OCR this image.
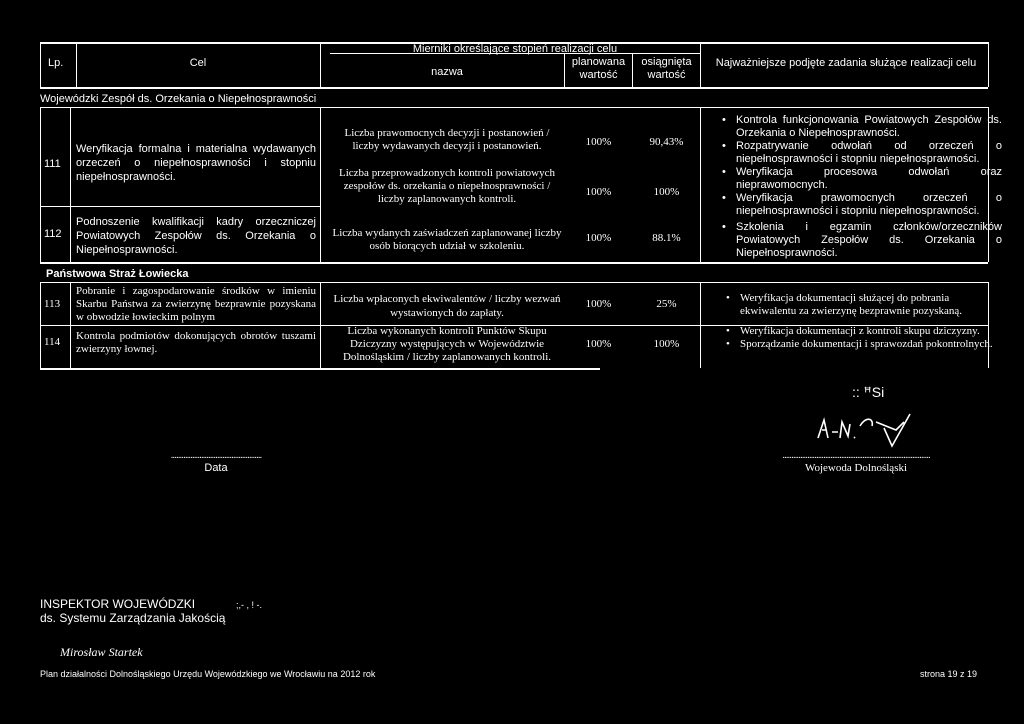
Lp.	Cel
Mierniki określające stopień realizacji celu
nazwa
planowana
wartość
osiągnięta
wartość
Najważniejsze podjęte zadania służące realizacji celu
Wojewódzki Zespół ds. Orzekania o Niepełnosprawności
111
Weryfikacja formalna i materialna wydawanych orzeczeń o niepełnosprawności i stopniu niepełnosprawności.
112
Podnoszenie kwalifikacji kadry orzeczniczej Powiatowych Zespołów ds. Orzekania o Niepełnosprawności.
Liczba prawomocnych decyzji i postanowień / liczby wydawanych decyzji i postanowień.
Liczba przeprowadzonych kontroli powiatowych zespołów ds. orzekania o niepełnosprawności / liczby zaplanowanych kontroli.
Liczba wydanych zaświadczeń zaplanowanej liczby osób biorących udział w szkoleniu.
100%	90,43%
100%	100%
100%	88.1%
• Kontrola funkcjonowania Powiatowych Zespołów ds. Orzekania o Niepełnosprawności.
• Rozpatrywanie odwołań od orzeczeń o niepełnosprawności i stopniu niepełnosprawności.
• Weryfikacja procesowa odwołań oraz nieprawomocnych.
• Weryfikacja prawomocnych orzeczeń o niepełnosprawności i stopniu niepełnosprawności.
• Szkolenia i egzamin członków/orzeczników Powiatowych Zespołów ds. Orzekania o Niepełnosprawności.
Państwowa Straż Łowiecka
113
Pobranie i zagospodarowanie środków w imieniu Skarbu Państwa za zwierzynę bezprawnie pozyskana w obwodzie łowieckim polnym
Liczba wpłaconych ekwiwalentów / liczby wezwań wystawionych do zapłaty.
100%	25%
•	Weryfikacja dokumentacji służącej do pobrania ekwiwalentu za zwierzynę bezprawnie pozyskaną.
114 Kontrola podmiotów dokonujących obrotów tuszami zwierzyny łownej.
Liczba wykonanych kontroli Punktów Skupu Dziczyzny występujących w Województwie Dolnośląskim / liczby zaplanowanych kontroli.
100%	100%
• Weryfikacja dokumentacji z kontroli skupu dziczyzny.
• Sporządzanie dokumentacji i sprawozdań pokontrolnych.
:: ꟸSi
...................................................
Data
...................................................................................
Wojewoda Dolnośląski
INSPEKTOR WOJEWÓDZKI
ds. Systemu Zarządzania Jakością
;,- , ! -.
Mirosław Startek
Plan działalności Dolnośląskiego Urzędu Wojewódzkiego we Wrocławiu na 2012 rok	strona 19 z 19
